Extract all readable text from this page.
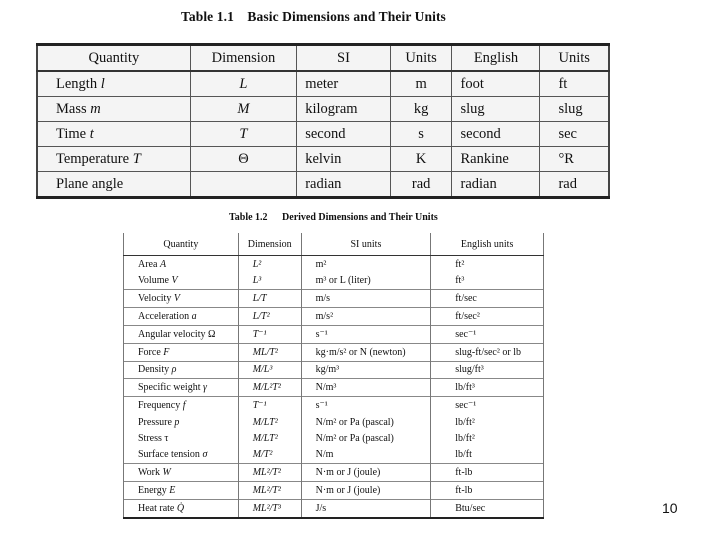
Table 1.1 Basic Dimensions and Their Units
Quantity	Dimension	SI	Units	English	Units
Length l	L	meter	m	foot	ft
Mass m	M	kilogram	kg	slug	slug
Time t	T	second	s	second	sec
Temperature T	Θ	kelvin	K	Rankine	°R
Plane angle		radian	rad	radian	rad
Table 1.2 Derived Dimensions and Their Units
Quantity	Dimension	SI units	English units
Area A	L²	m²	ft²
Volume V	L³	m³ or L (liter)	ft³
Velocity V	L/T	m/s	ft/sec
Acceleration a	L/T²	m/s²	ft/sec²
Angular velocity Ω	T⁻¹	s⁻¹	sec⁻¹
Force F	ML/T²	kg·m/s² or N (newton)	slug-ft/sec² or lb
Density ρ	M/L³	kg/m³	slug/ft³
Specific weight γ	M/L²T²	N/m³	lb/ft³
Frequency f	T⁻¹	s⁻¹	sec⁻¹
Pressure p	M/LT²	N/m² or Pa (pascal)	lb/ft²
Stress τ	M/LT²	N/m² or Pa (pascal)	lb/ft²
Surface tension σ	M/T²	N/m	lb/ft
Work W	ML²/T²	N·m or J (joule)	ft-lb
Energy E	ML²/T²	N·m or J (joule)	ft-lb
Heat rate Q̇	ML²/T³	J/s	Btu/sec	10
